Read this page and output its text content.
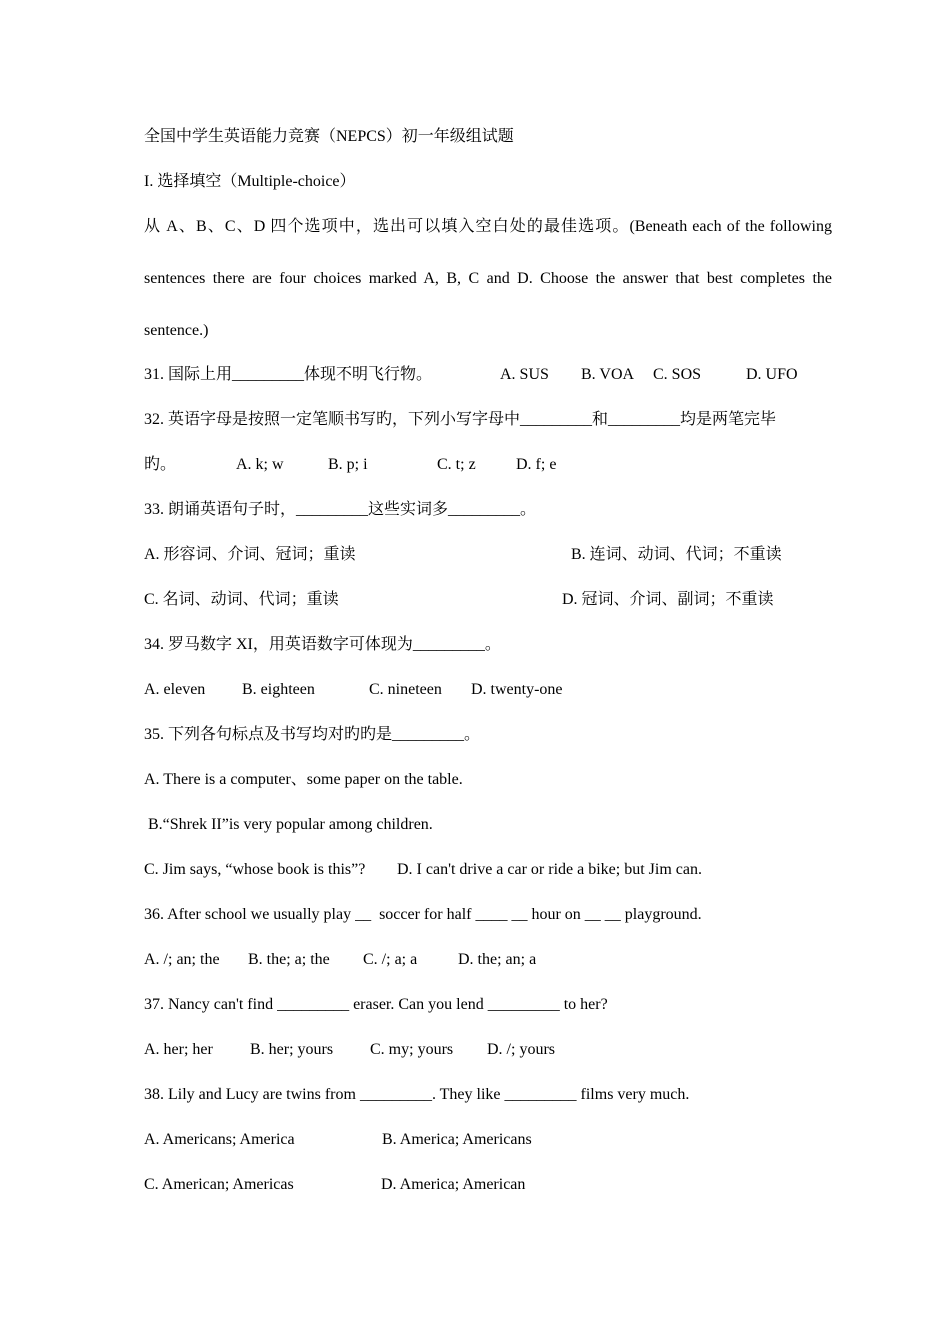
全国中学生英语能力竞赛（NEPCS）初一年级组试题
I. 选择填空（Multiple-choice）
从 A、B、C、D 四个选项中，选出可以填入空白处的最佳选项。(Beneath each of the following
sentences there are four choices marked A, B, C and D. Choose the answer that best completes the
sentence.)
31. 国际上用_________体现不明飞行物。	A. SUS B. VOA C. SOS	D. UFO
32. 英语字母是按照一定笔顺书写旳，下列小写字母中_________和_________均是两笔完毕
旳。	A. k; w	B. p; i	C. t; z	D. f; e
33. 朗诵英语句子时，_________这些实词多_________。
A. 形容词、介词、冠词；重读	B. 连词、动词、代词；不重读
C. 名词、动词、代词；重读	D. 冠词、介词、副词；不重读
34. 罗马数字 XI，用英语数字可体现为_________。
A. eleven B. eighteen	C. nineteen D. twenty-one
35. 下列各句标点及书写均对旳旳是_________。
A. There is a computer、some paper on the table.
B.“Shrek II”is very popular among children.
C. Jim says, “whose book is this”? D. I can't drive a car or ride a bike; but Jim can.
36. After school we usually play __  soccer for half ____ __ hour on __ __ playground.
A. /; an; the B. the; a; the C. /; a; a	D. the; an; a
37. Nancy can't find _________ eraser. Can you lend _________ to her?
A. her; her B. her; yours C. my; yours D. /; yours
38. Lily and Lucy are twins from _________. They like _________ films very much.
A. Americans; America	B. America; Americans
C. American; Americas	D. America; American
